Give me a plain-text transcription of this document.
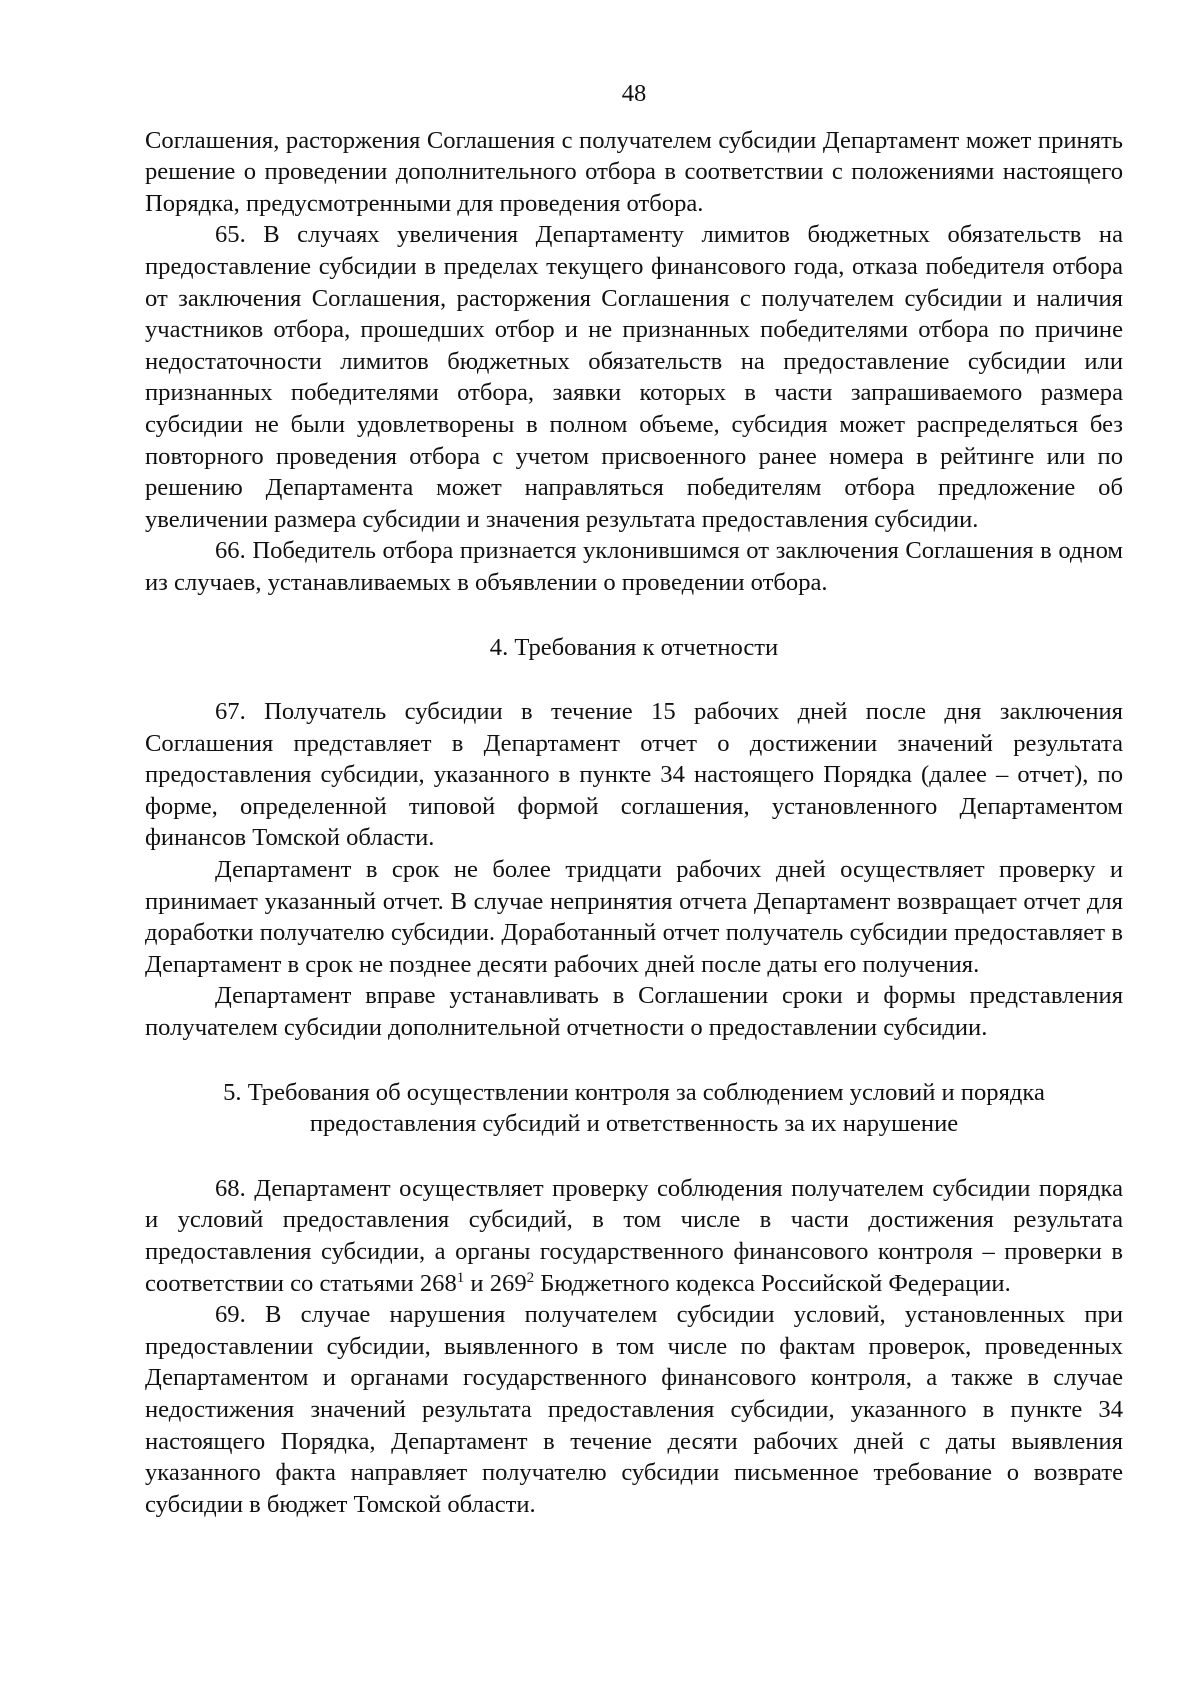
48

Соглашения, расторжения Соглашения с получателем субсидии Департамент может принять решение о проведении дополнительного отбора в соответствии с положениями настоящего Порядка, предусмотренными для проведения отбора.

65. В случаях увеличения Департаменту лимитов бюджетных обязательств на предоставление субсидии в пределах текущего финансового года, отказа победителя отбора от заключения Соглашения, расторжения Соглашения с получателем субсидии и наличия участников отбора, прошедших отбор и не признанных победителями отбора по причине недостаточности лимитов бюджетных обязательств на предоставление субсидии или признанных победителями отбора, заявки которых в части запрашиваемого размера субсидии не были удовлетворены в полном объеме, субсидия может распределяться без повторного проведения отбора с учетом присвоенного ранее номера в рейтинге или по решению Департамента может направляться победителям отбора предложение об увеличении размера субсидии и значения результата предоставления субсидии.

66. Победитель отбора признается уклонившимся от заключения Соглашения в одном из случаев, устанавливаемых в объявлении о проведении отбора.

4. Требования к отчетности

67. Получатель субсидии в течение 15 рабочих дней после дня заключения Соглашения представляет в Департамент отчет о достижении значений результата предоставления субсидии, указанного в пункте 34 настоящего Порядка (далее – отчет), по форме, определенной типовой формой соглашения, установленного Департаментом финансов Томской области.

Департамент в срок не более тридцати рабочих дней осуществляет проверку и принимает указанный отчет. В случае непринятия отчета Департамент возвращает отчет для доработки получателю субсидии. Доработанный отчет получатель субсидии предоставляет в Департамент в срок не позднее десяти рабочих дней после даты его получения.

Департамент вправе устанавливать в Соглашении сроки и формы представления получателем субсидии дополнительной отчетности о предоставлении субсидии.

5. Требования об осуществлении контроля за соблюдением условий и порядка
предоставления субсидий и ответственность за их нарушение

68. Департамент осуществляет проверку соблюдения получателем субсидии порядка и условий предоставления субсидий, в том числе в части достижения результата предоставления субсидии, а органы государственного финансового контроля – проверки в соответствии со статьями $268^1$ и $269^2$ Бюджетного кодекса Российской Федерации.

69. В случае нарушения получателем субсидии условий, установленных при предоставлении субсидии, выявленного в том числе по фактам проверок, проведенных Департаментом и органами государственного финансового контроля, а также в случае недостижения значений результата предоставления субсидии, указанного в пункте 34 настоящего Порядка, Департамент в течение десяти рабочих дней с даты выявления указанного факта направляет получателю субсидии письменное требование о возврате субсидии в бюджет Томской области.
